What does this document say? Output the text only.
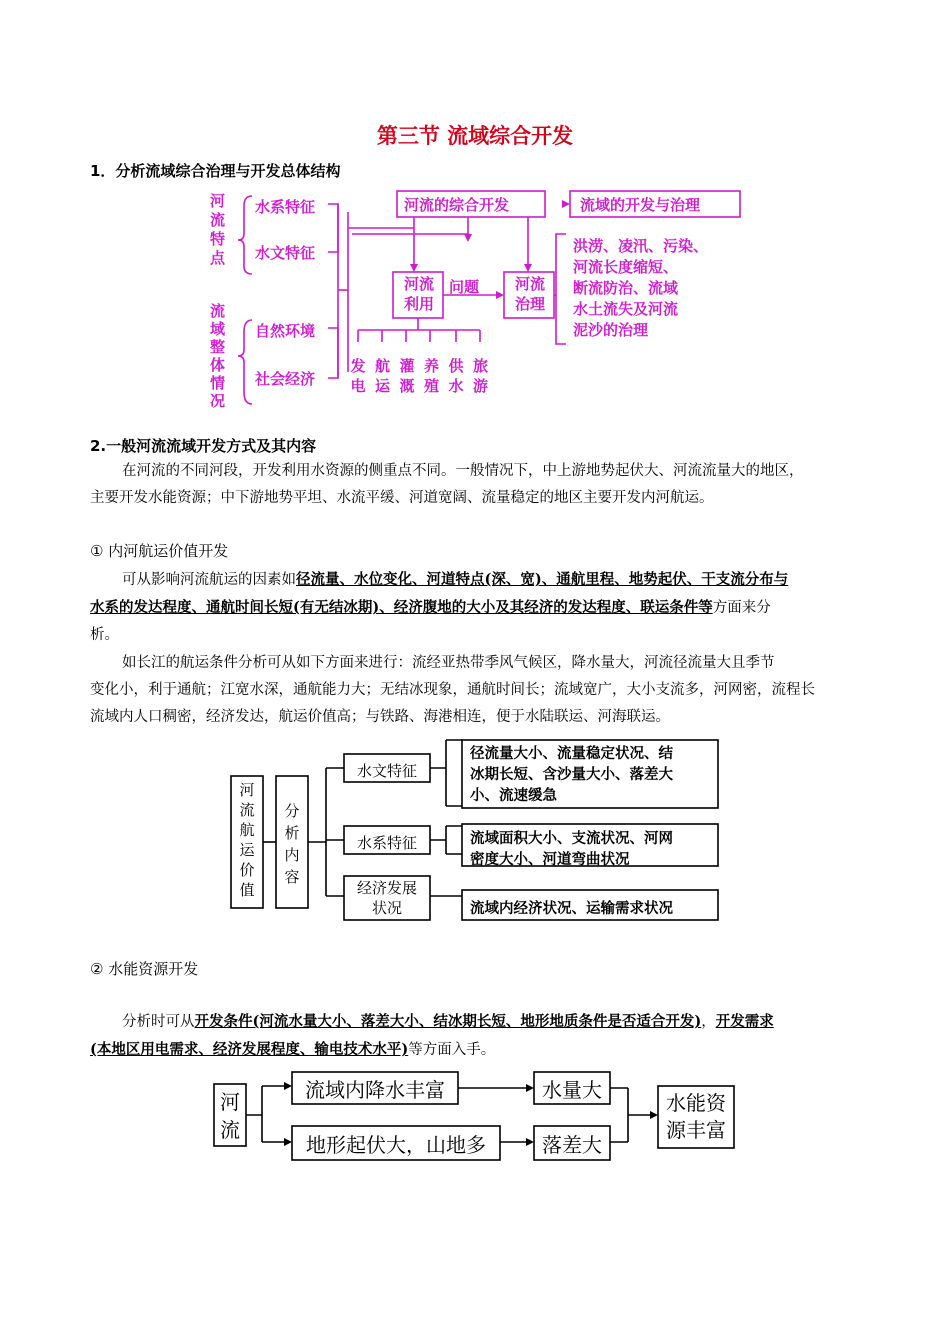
第三节 流域综合开发
1．分析流域综合治理与开发总体结构
河
流
特
点
流
域
整
体
情
况
水系特征
水文特征
自然环境
社会经济
河流的综合开发	流域的开发与治理
河流
利用
问题	河流
治理
发
电
航
运
灌
溉
养
殖
供
水
旅
游
洪涝、凌汛、污染、
河流长度缩短、
断流防治、流域
水土流失及河流
泥沙的治理
2.一般河流流域开发方式及其内容
在河流的不同河段，开发利用水资源的侧重点不同。一般情况下，中上游地势起伏大、河流流量大的地区，
主要开发水能资源；中下游地势平坦、水流平缓、河道宽阔、流量稳定的地区主要开发内河航运。
① 内河航运价值开发
可从影响河流航运的因素如径流量、水位变化、河道特点(深、宽)、通航里程、地势起伏、干支流分布与
水系的发达程度、通航时间长短(有无结冰期)、经济腹地的大小及其经济的发达程度、联运条件等方面来分
析。
如长江的航运条件分析可从如下方面来进行：流经亚热带季风气候区，降水量大，河流径流量大且季节
变化小，利于通航；江宽水深，通航能力大；无结冰现象，通航时间长；流域宽广，大小支流多，河网密，流程长
流域内人口稠密，经济发达，航运价值高；与铁路、海港相连，便于水陆联运、河海联运。
河
流
航
运
价
值
分
析
内
容
水文特征
水系特征
经济发展
状况
径流量大小、流量稳定状况、结
冰期长短、含沙量大小、落差大
小、流速缓急
流域面积大小、支流状况、河网
密度大小、河道弯曲状况
流域内经济状况、运输需求状况
② 水能资源开发
分析时可从开发条件(河流水量大小、落差大小、结冰期长短、地形地质条件是否适合开发)，开发需求
(本地区用电需求、经济发展程度、输电技术水平)等方面入手。
河
流
流域内降水丰富
地形起伏大，山地多
水量大
落差大
水能资
源丰富
